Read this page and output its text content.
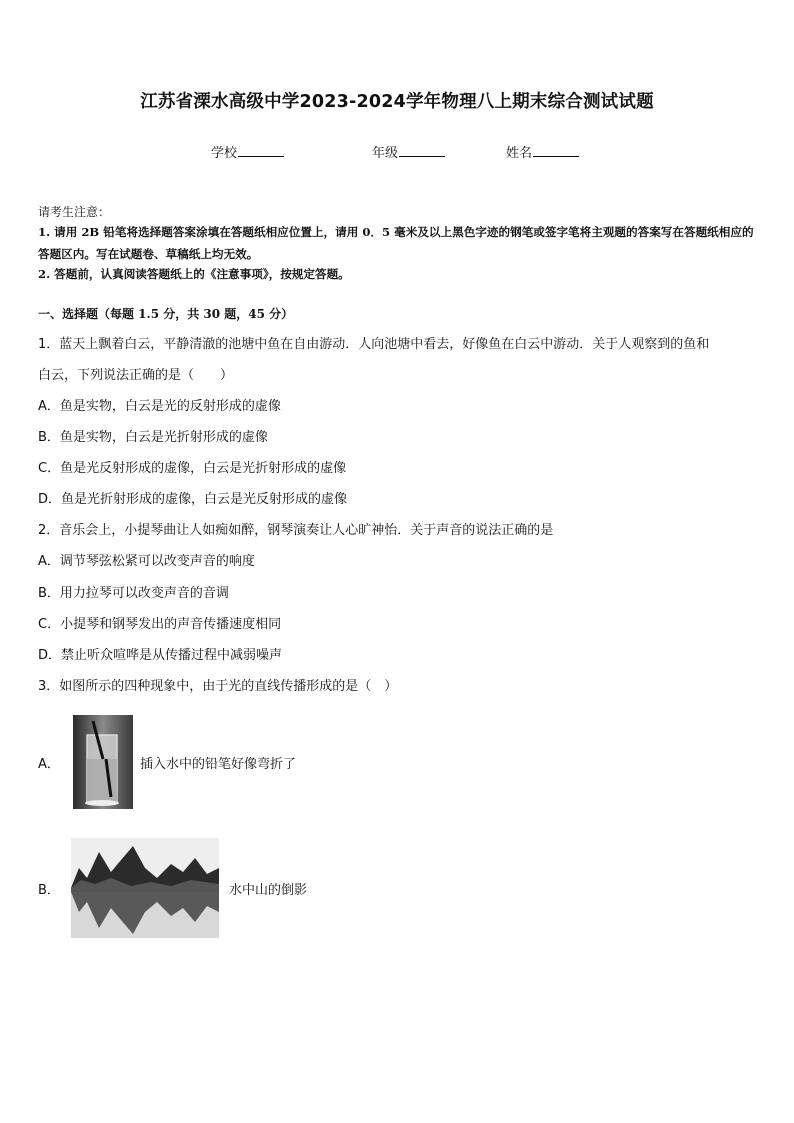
江苏省溧水高级中学2023-2024学年物理八上期末综合测试试题
学校	年级	姓名
请考生注意：
1. 请用 2B 铅笔将选择题答案涂填在答题纸相应位置上，请用 0．5 毫米及以上黑色字迹的钢笔或签字笔将主观题的答案写在答题纸相应的答题区内。写在试题卷、草稿纸上均无效。
2. 答题前，认真阅读答题纸上的《注意事项》，按规定答题。
一、选择题（每题 1.5 分，共 30 题，45 分）
1．蓝天上飘着白云，平静清澈的池塘中鱼在自由游动．人向池塘中看去，好像鱼在白云中游动．关于人观察到的鱼和
白云，下列说法正确的是（　　）
A．鱼是实物，白云是光的反射形成的虚像
B．鱼是实物，白云是光折射形成的虚像
C．鱼是光反射形成的虚像，白云是光折射形成的虚像
D．鱼是光折射形成的虚像，白云是光反射形成的虚像
2．音乐会上，小提琴曲让人如痴如醉，钢琴演奏让人心旷神怡．关于声音的说法正确的是
A．调节琴弦松紧可以改变声音的响度
B．用力拉琴可以改变声音的音调
C．小提琴和钢琴发出的声音传播速度相同
D．禁止听众喧哗是从传播过程中减弱噪声
3．如图所示的四种现象中，由于光的直线传播形成的是（　）
A．	插入水中的铅笔好像弯折了
B．	水中山的倒影
